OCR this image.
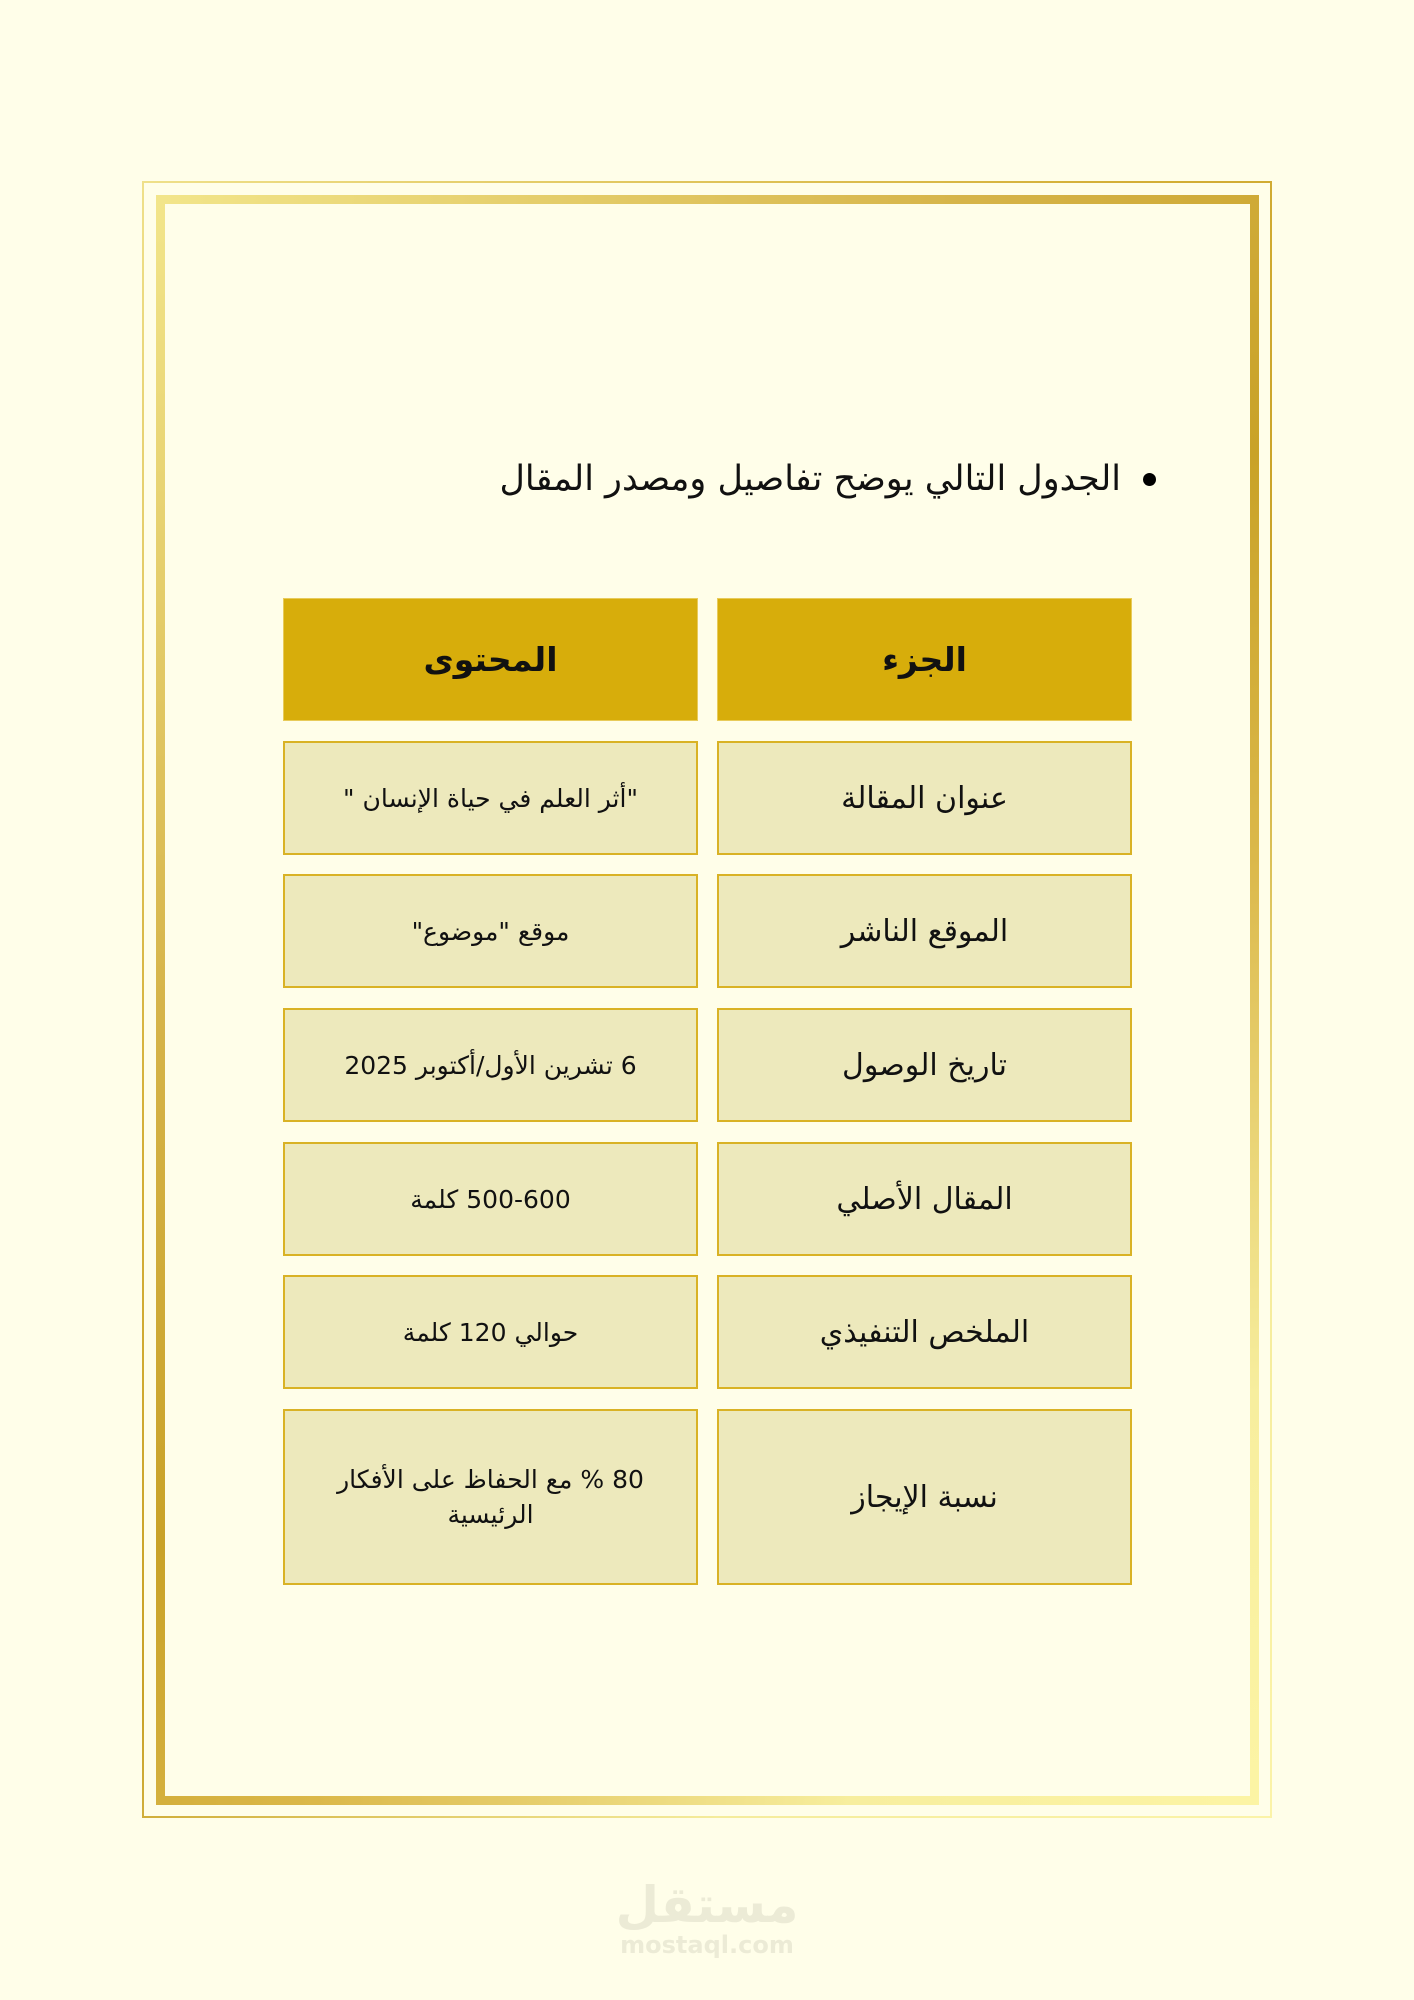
الجدول التالي يوضح تفاصيل ومصدر المقال
الجزء
المحتوى
عنوان المقالة
"أثر العلم في حياة الإنسان "
الموقع الناشر
موقع "موضوع"
تاريخ الوصول
6 تشرين الأول/أكتوبر 2025
المقال الأصلي
500-600 كلمة
الملخص التنفيذي
حوالي 120 كلمة
نسبة الإيجاز
80 % مع الحفاظ على الأفكار الرئيسية
مستقل
mostaql.com
